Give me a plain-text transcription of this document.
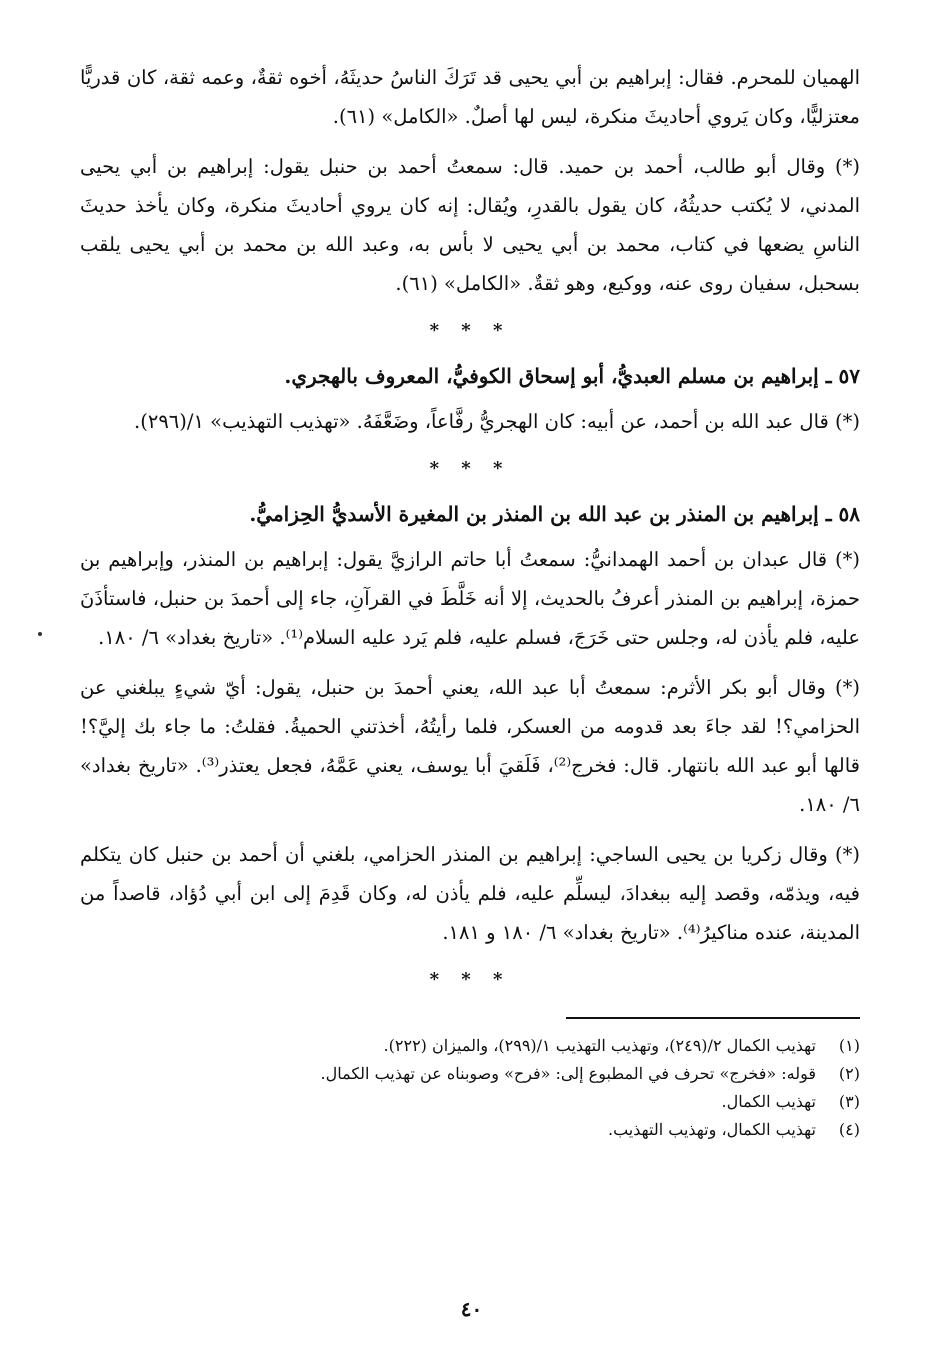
الهميان للمحرم. فقال: إبراهيم بن أبي يحيى قد تَرَكَ الناسُ حديثَهُ، أخوه ثقةٌ، وعمه ثقة، كان قدريًّا معتزليًّا، وكان يَروي أحاديثَ منكرة، ليس لها أصلٌ. «الكامل» (٦١).

(*) وقال أبو طالب، أحمد بن حميد. قال: سمعتُ أحمد بن حنبل يقول: إبراهيم بن أبي يحيى المدني، لا يُكتب حديثُهُ، كان يقول بالقدرِ، ويُقال: إنه كان يروي أحاديثَ منكرة، وكان يأخذ حديثَ الناسِ يضعها في كتاب، محمد بن أبي يحيى لا بأس به، وعبد الله بن محمد بن أبي يحيى يلقب بسحبل، سفيان روى عنه، ووكيع، وهو ثقةٌ. «الكامل» (٦١).

* * *
٥٧ ـ إبراهيم بن مسلم العبديُّ، أبو إسحاق الكوفيُّ، المعروف بالهجري.

(*) قال عبد الله بن أحمد، عن أبيه: كان الهجريُّ رفَّاعاً، وضَعَّفَهُ. «تهذيب التهذيب» ١/(٢٩٦).

* * *
٥٨ ـ إبراهيم بن المنذر بن عبد الله بن المنذر بن المغيرة الأسديُّ الحِزاميُّ.

(*) قال عبدان بن أحمد الهمدانيُّ: سمعتُ أبا حاتم الرازيَّ يقول: إبراهيم بن المنذر، وإبراهيم بن حمزة، إبراهيم بن المنذر أعرفُ بالحديث، إلا أنه خَلَّطَ في القرآنِ، جاء إلى أحمدَ بن حنبل، فاستأذَنَ عليه، فلم يأذن له، وجلس حتى خَرَجَ، فسلم عليه، فلم يَرد عليه السلام⁽¹⁾. «تاريخ بغداد» ٦/ ١٨٠.

(*) وقال أبو بكر الأثرم: سمعتُ أبا عبد الله، يعني أحمدَ بن حنبل، يقول: أيّ شيءٍ يبلغني عن الحزامي؟! لقد جاءَ بعد قدومه من العسكر، فلما رأيتُهُ، أخذتني الحميةُ. فقلتُ: ما جاء بك إليَّ؟! قالها أبو عبد الله بانتهار. قال: فخرج⁽²⁾، فَلَقيَ أبا يوسف، يعني عَمَّهُ، فجعل يعتذر⁽³⁾. «تاريخ بغداد» ٦/ ١٨٠.

(*) وقال زكريا بن يحيى الساجي: إبراهيم بن المنذر الحزامي، بلغني أن أحمد بن حنبل كان يتكلم فيه، ويذمّه، وقصد إليه ببغدادَ، ليسلِّم عليه، فلم يأذن له، وكان قَدِمَ إلى ابن أبي دُؤاد، قاصداً من المدينة، عنده مناكيرُ⁽⁴⁾. «تاريخ بغداد» ٦/ ١٨٠ و ١٨١.

* * *
(١)
تهذيب الكمال ٢/(٢٤٩)، وتهذيب التهذيب ١/(٢٩٩)، والميزان (٢٢٢).
(٢)
قوله: «فخرج» تحرف في المطبوع إلى: «فرح» وصوبناه عن تهذيب الكمال.
(٣)
تهذيب الكمال.
(٤)
تهذيب الكمال، وتهذيب التهذيب.
٤٠
